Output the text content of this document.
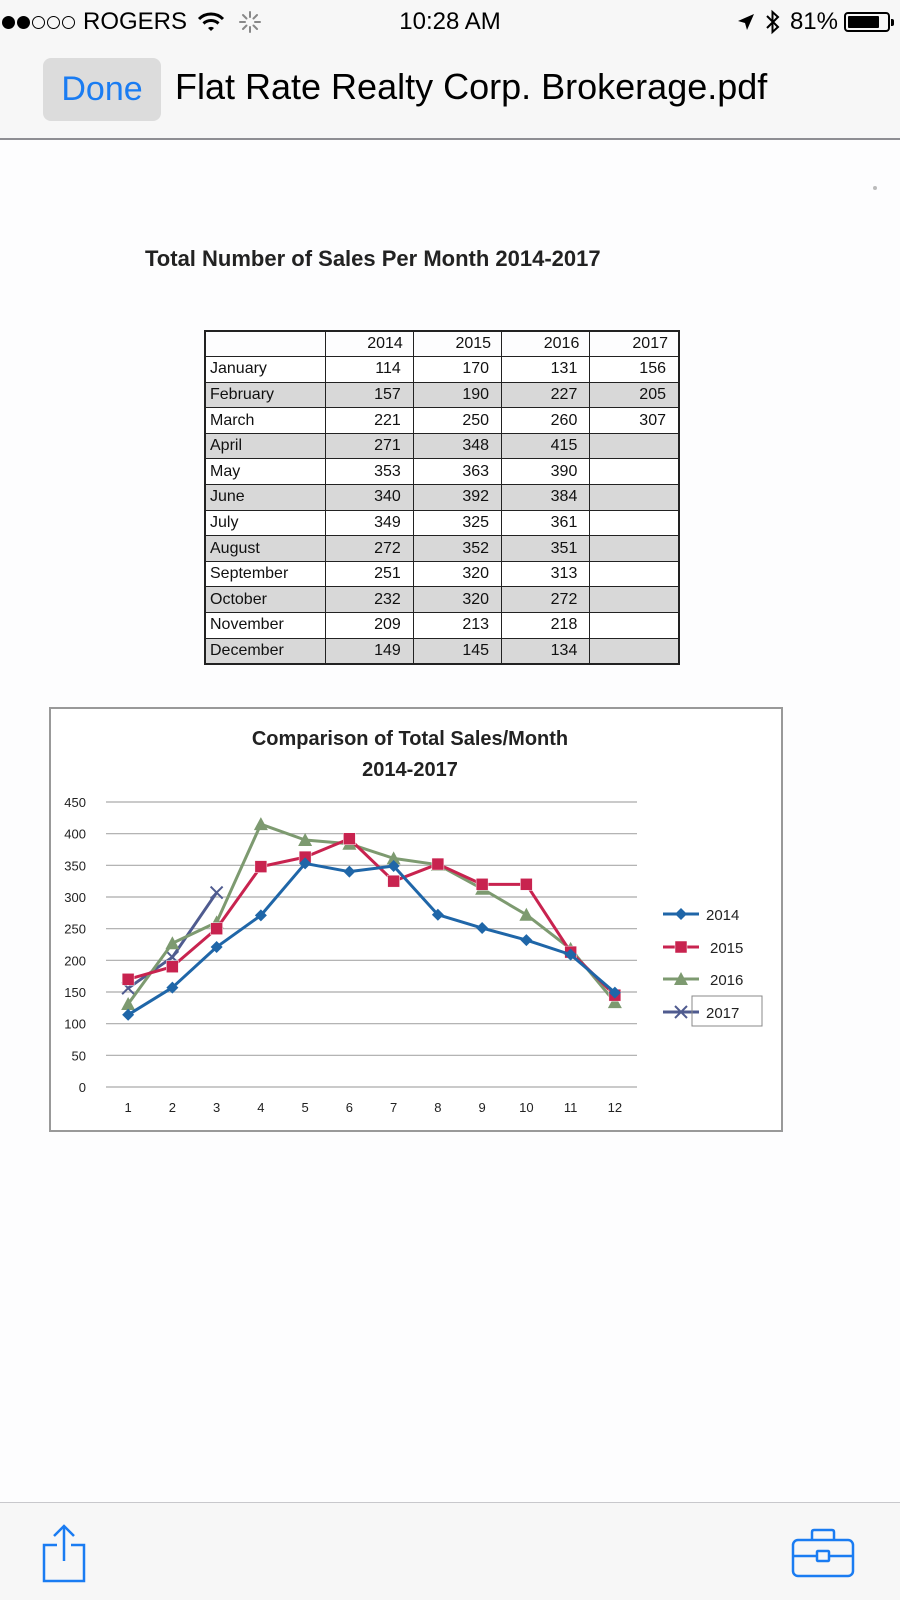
ROGERS	10:28 AM	81%
Done Flat Rate Realty Corp. Brokerage.pdf
Total Number of Sales Per Month 2014-2017
	2014	2015	2016	2017
January	114	170	131	156
February	157	190	227	205
March	221	250	260	307
April	271	348	415	
May	353	363	390	
June	340	392	384	
July	349	325	361	
August	272	352	351	
September	251	320	313	
October	232	320	272	
November	209	213	218	
December	149	145	134	
Comparison of Total Sales/Month
2014-2017
0
50
100
150
200
250
300
350
400
450
1	2	3	4	5	6	7	8	9	10 11 12
2014
2015
2016
2017
